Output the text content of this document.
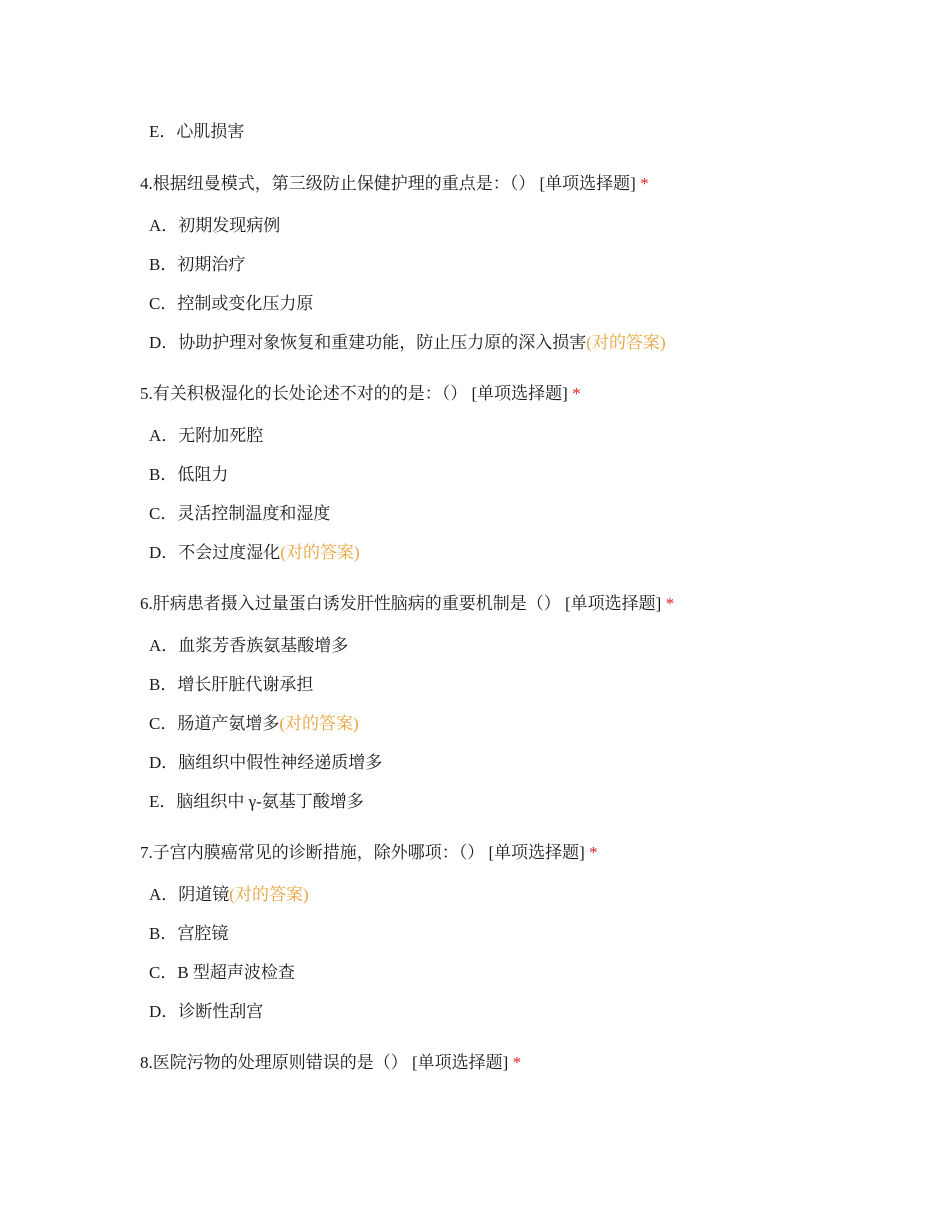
E．心肌损害
4.根据纽曼模式，第三级防止保健护理的重点是：（） [单项选择题] *
A．初期发现病例
B．初期治疗
C．控制或变化压力原
D．协助护理对象恢复和重建功能，防止压力原的深入损害(对的答案)
5.有关积极湿化的长处论述不对的的是：（） [单项选择题] *
A．无附加死腔
B．低阻力
C．灵活控制温度和湿度
D．不会过度湿化(对的答案)
6.肝病患者摄入过量蛋白诱发肝性脑病的重要机制是（） [单项选择题] *
A．血浆芳香族氨基酸增多
B．增长肝脏代谢承担
C．肠道产氨增多(对的答案)
D．脑组织中假性神经递质增多
E．脑组织中 γ-氨基丁酸增多
7.子宫内膜癌常见的诊断措施，除外哪项：（） [单项选择题] *
A．阴道镜(对的答案)
B．宫腔镜
C．B 型超声波检查
D．诊断性刮宫
8.医院污物的处理原则错误的是（） [单项选择题] *
